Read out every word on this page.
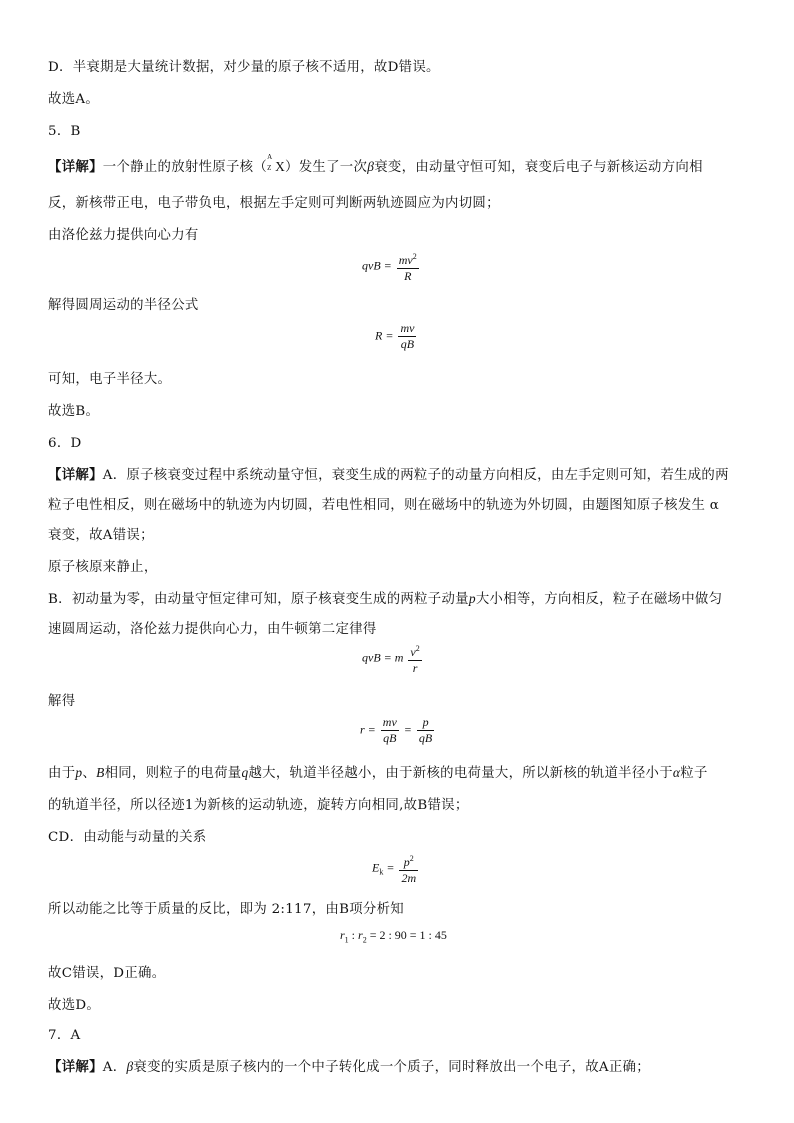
D．半衰期是大量统计数据，对少量的原子核不适用，故D错误。
故选A。
5．B
【详解】一个静止的放射性原子核（
A
Z X）发生了一次β衰变，由动量守恒可知，衰变后电子与新核运动方向相
反，新核带正电，电子带负电，根据左手定则可判断两轨迹圆应为内切圆；
由洛伦兹力提供向心力有
qvB = $\frac{mv^2}{R}$
解得圆周运动的半径公式
$R = \frac{mv}{qB}$
可知，电子半径大。
故选B。
6．D
【详解】A．原子核衰变过程中系统动量守恒，衰变生成的两粒子的动量方向相反，由左手定则可知，若生成的两
粒子电性相反，则在磁场中的轨迹为内切圆，若电性相同，则在磁场中的轨迹为外切圆，由题图知原子核发生 α
衰变，故A错误；
原子核原来静止，
B．初动量为零，由动量守恒定律可知，原子核衰变生成的两粒子动量p大小相等，方向相反，粒子在磁场中做匀
速圆周运动，洛伦兹力提供向心力，由牛顿第二定律得
qvB = m $\frac{v^2}{r}$
解得
$r = \frac{mv}{qB} = \frac{p}{qB}$
由于p、B相同，则粒子的电荷量q越大，轨道半径越小，由于新核的电荷量大，所以新核的轨道半径小于α粒子
的轨道半径，所以径迹1为新核的运动轨迹，旋转方向相同,故B错误；
CD．由动能与动量的关系
$E_k = \frac{p^2}{2m}$
所以动能之比等于质量的反比，即为 2:117，由B项分析知
$r_1$ : $r_2 = 2$ : 90 = 1 : 45
故C错误，D正确。
故选D。
7．A
【详解】A．β衰变的实质是原子核内的一个中子转化成一个质子，同时释放出一个电子，故A正确；
